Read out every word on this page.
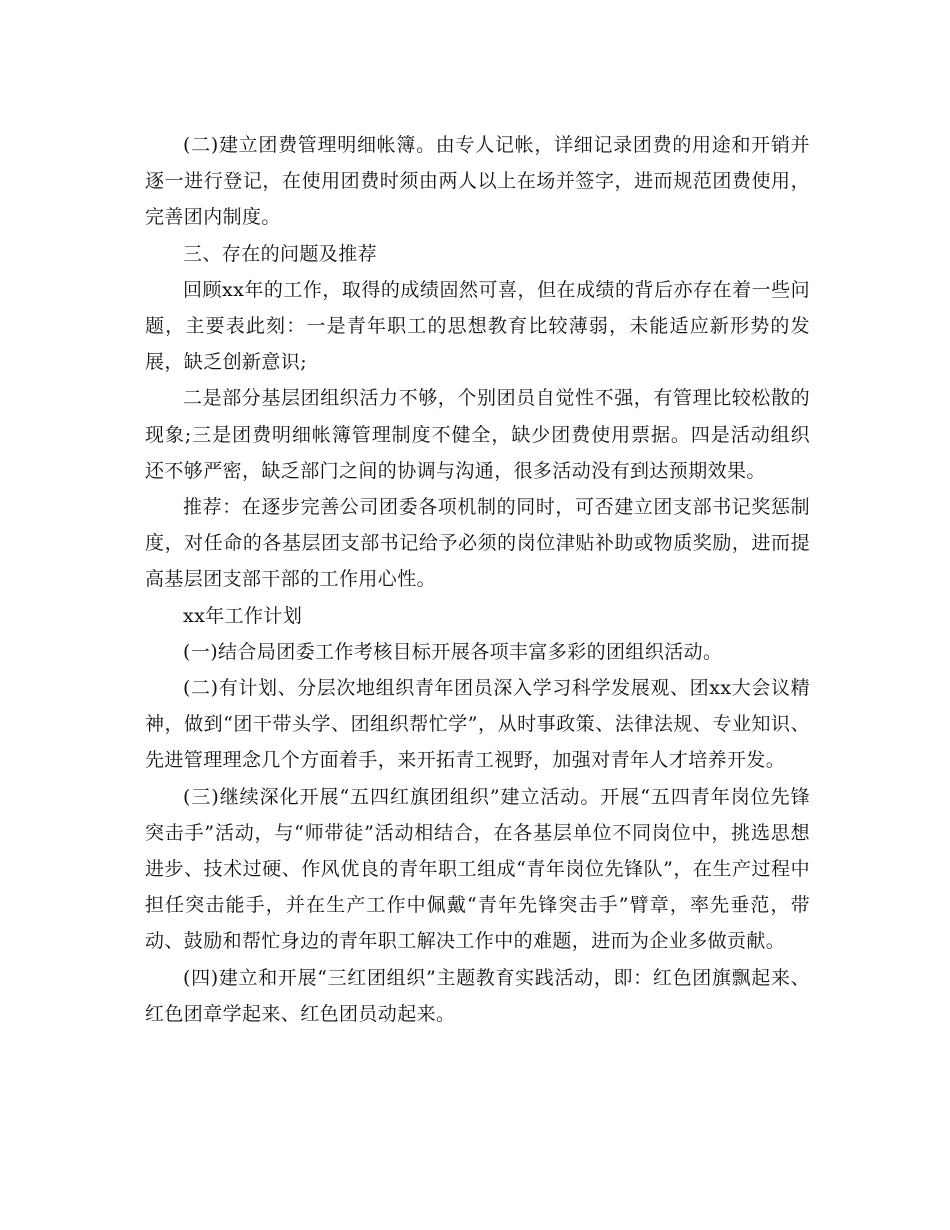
(二)建立团费管理明细帐簿。由专人记帐，详细记录团费的用途和开销并逐一进行登记，在使用团费时须由两人以上在场并签字，进而规范团费使用，完善团内制度。

三、存在的问题及推荐

回顾xx年的工作，取得的成绩固然可喜，但在成绩的背后亦存在着一些问题，主要表此刻：一是青年职工的思想教育比较薄弱，未能适应新形势的发展，缺乏创新意识;

二是部分基层团组织活力不够，个别团员自觉性不强，有管理比较松散的现象;三是团费明细帐簿管理制度不健全，缺少团费使用票据。四是活动组织还不够严密，缺乏部门之间的协调与沟通，很多活动没有到达预期效果。

推荐：在逐步完善公司团委各项机制的同时，可否建立团支部书记奖惩制度，对任命的各基层团支部书记给予必须的岗位津贴补助或物质奖励，进而提高基层团支部干部的工作用心性。

xx年工作计划

(一)结合局团委工作考核目标开展各项丰富多彩的团组织活动。

(二)有计划、分层次地组织青年团员深入学习科学发展观、团xx大会议精神，做到“团干带头学、团组织帮忙学”，从时事政策、法律法规、专业知识、先进管理理念几个方面着手，来开拓青工视野，加强对青年人才培养开发。

(三)继续深化开展“五四红旗团组织”建立活动。开展“五四青年岗位先锋突击手”活动，与“师带徒”活动相结合，在各基层单位不同岗位中，挑选思想进步、技术过硬、作风优良的青年职工组成“青年岗位先锋队”，在生产过程中担任突击能手，并在生产工作中佩戴“青年先锋突击手”臂章，率先垂范，带动、鼓励和帮忙身边的青年职工解决工作中的难题，进而为企业多做贡献。

(四)建立和开展“三红团组织”主题教育实践活动，即：红色团旗飘起来、红色团章学起来、红色团员动起来。
